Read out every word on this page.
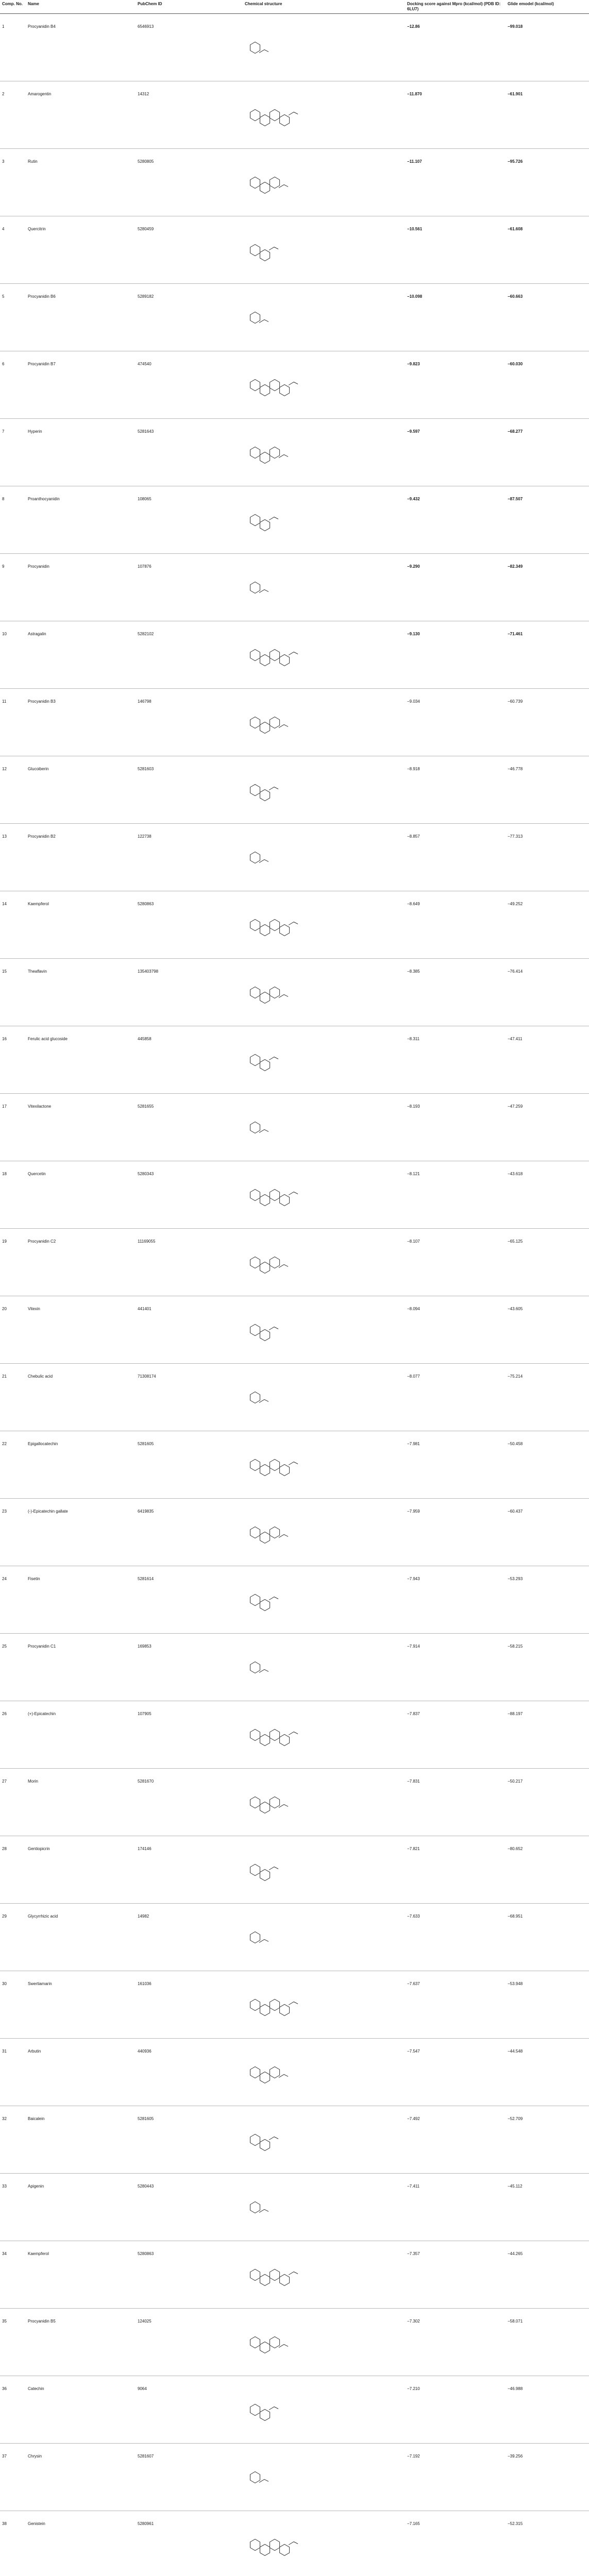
Comp. No.	Name	PubChem ID	Chemical structure	Docking score against Mpro (kcal/mol) (PDB ID: 6LU7)	Glide emodel (kcal/mol)
1	Procyanidin B4	6546913		−12.86	−99.018
2	Amarogentin	14312		−11.870	−61.901
3	Rutin	5280805		−11.107	−95.726
4	Quercitrin	5280459		−10.561	−61.608
5	Procyanidin B6	5289182		−10.098	−60.663
6	Procyanidin B7	474540		−9.823	−60.030
7	Hyperin	5281643		−9.597	−68.277
8	Proanthocyanidin	108065		−9.432	−87.507
9	Procyanidin	107876		−9.290	−82.349
10	Astragalin	5282102		−9.130	−71.461
11	Procyanidin B3	146798		−9.034	−60.739
12	Glucoiberin	5281603		−8.918	−46.778
13	Procyanidin B2	122738		−8.857	−77.313
14	Kaempferol	5280863		−8.649	−49.252
15	Theaflavin	135403798		−8.385	−76.414
16	Ferulic acid glucoside	445858		−8.311	−47.411
17	Vitexilactone	5281655		−8.193	−47.259
18	Quercetin	5280343		−8.121	−43.618
19	Procyanidin C2	11169055		−8.107	−65.125
20	Vitexin	441401		−8.094	−43.605
21	Chebulic acid	71308174		−8.077	−75.214
22	Epigallocatechin	5281605		−7.981	−50.458
23	(-)-Epicatechin gallate	6419835		−7.959	−60.437
24	Fisetin	5281614		−7.943	−53.293
25	Procyanidin C1	169853		−7.914	−58.215
26	(+)-Epicatechin	107905		−7.837	−88.197
27	Morin	5281670		−7.831	−50.217
28	Gentiopicrin	174146		−7.821	−80.652
29	Glycyrrhizic acid	14982		−7.633	−68.951
30	Swertiamarin	161036		−7.637	−53.948
31	Arbutin	440936		−7.547	−44.548
32	Baicalein	5281605		−7.492	−52.709
33	Apigenin	5280443		−7.411	−45.112
34	Kaempferol	5280863		−7.357	−44.265
35	Procyanidin B5	124025		−7.302	−58.071
36	Catechin	9064		−7.210	−46.988
37	Chrysin	5281607		−7.192	−39.256
38	Genistein	5280961		−7.165	−52.315
